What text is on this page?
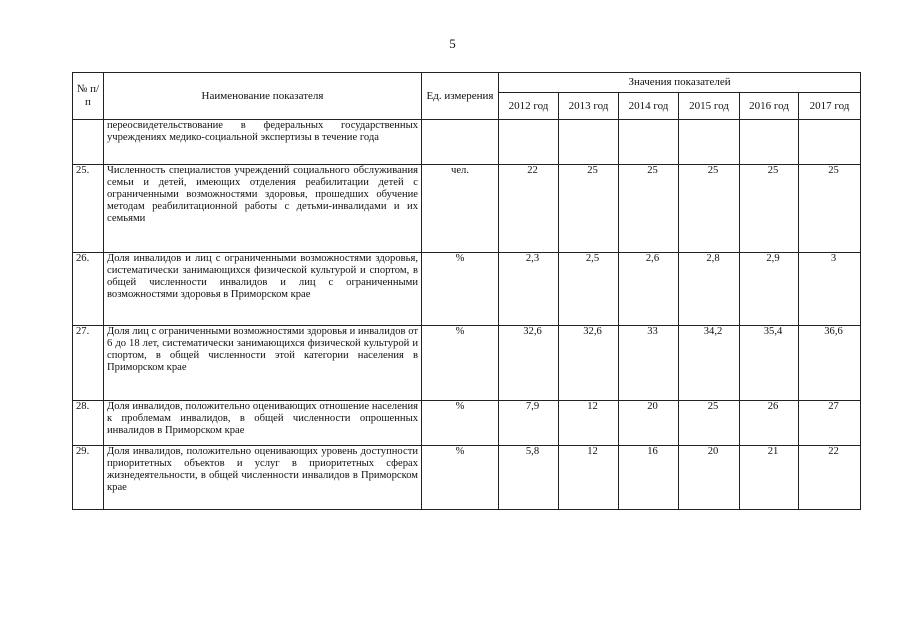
5
№ п/п	Наименование показателя	Ед. измерения	Значения показателей					
			2012 год	2013 год	2014 год	2015 год	2016 год	2017 год
	переосвидетельствование в федеральных государственных учреждениях медико-социальной экспертизы в течение года							
25.	Численность специалистов учреждений социального обслуживания семьи и детей, имеющих отделения реабилитации детей с ограниченными возможностями здоровья, прошедших обучение методам реабилитационной работы с детьми-инвалидами и их семьями	чел.	22	25	25	25	25	25
26.	Доля инвалидов и лиц с ограниченными возможностями здоровья, систематически занимающихся физической культурой и спортом, в общей численности инвалидов и лиц с ограниченными возможностями здоровья в Приморском крае	%	2,3	2,5	2,6	2,8	2,9	3
27.	Доля лиц с ограниченными возможностями здоровья и инвалидов от 6 до 18 лет, систематически занимающихся физической культурой и спортом, в общей численности этой категории населения в Приморском крае	%	32,6	32,6	33	34,2	35,4	36,6
28.	Доля инвалидов, положительно оценивающих отношение населения к проблемам инвалидов, в общей численности опрошенных инвалидов в Приморском крае	%	7,9	12	20	25	26	27
29.	Доля инвалидов, положительно оценивающих уровень доступности приоритетных объектов и услуг в приоритетных сферах жизнедеятельности, в общей численности инвалидов в Приморском крае	%	5,8	12	16	20	21	22
